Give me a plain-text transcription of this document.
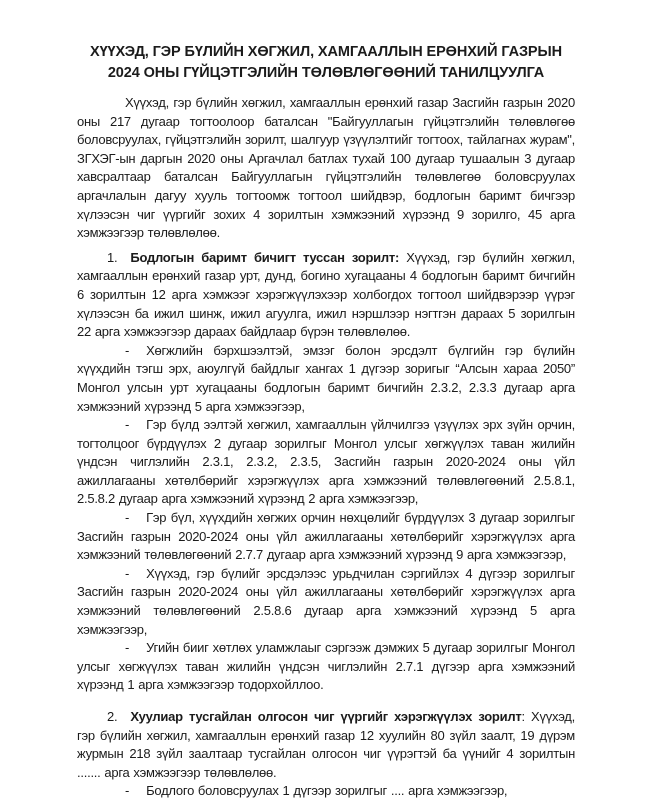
ХҮҮХЭД, ГЭР БҮЛИЙН ХӨГЖИЛ, ХАМГААЛЛЫН ЕРӨНХИЙ ГАЗРЫН
2024 ОНЫ ГҮЙЦЭТГЭЛИЙН ТӨЛӨВЛӨГӨӨНИЙ ТАНИЛЦУУЛГА

Хүүхэд, гэр бүлийн хөгжил, хамгааллын ерөнхий газар Засгийн газрын 2020 оны 217 дугаар тогтоолоор баталсан "Байгууллагын гүйцэтгэлийн төлөвлөгөө боловсруулах, гүйцэтгэлийн зорилт, шалгуур үзүүлэлтийг тогтоох, тайлагнах журам", ЗГХЭГ-ын даргын 2020 оны Аргачлал батлах тухай 100 дугаар тушаалын 3 дугаар хавсралтаар баталсан Байгууллагын гүйцэтгэлийн төлөвлөгөө боловсруулах аргачлалын дагуу хууль тогтоомж тогтоол шийдвэр, бодлогын баримт бичгээр хүлээсэн чиг үүргийг зохих 4 зорилтын хэмжээний хүрээнд 9 зорилго, 45 арга хэмжээгээр төлөвлөлөө.

1. Бодлогын баримт бичигт туссан зорилт: Хүүхэд, гэр бүлийн хөгжил, хамгааллын ерөнхий газар урт, дунд, богино хугацааны 4 бодлогын баримт бичгийн 6 зорилтын 12 арга хэмжээг хэрэгжүүлэхээр холбогдох тогтоол шийдвэрээр үүрэг хүлээсэн ба ижил шинж, ижил агуулга, ижил нэршлээр нэгтгэн дараах 5 зорилгын 22 арга хэмжээгээр дараах байдлаар бүрэн төлөвлөлөө.

- Хөгжлийн бэрхшээлтэй, эмзэг болон эрсдэлт бүлгийн гэр бүлийн хүүхдийн тэгш эрх, аюулгүй байдлыг хангах 1 дүгээр зоригыг “Алсын хараа 2050” Монгол улсын урт хугацааны бодлогын баримт бичгийн 2.3.2, 2.3.3 дугаар арга хэмжээний хүрээнд 5 арга хэмжээгээр,

- Гэр бүлд ээлтэй хөгжил, хамгааллын үйлчилгээ үзүүлэх эрх зүйн орчин, тогтолцоог бүрдүүлэх 2 дугаар зорилгыг Монгол улсыг хөгжүүлэх таван жилийн үндсэн чиглэлийн 2.3.1, 2.3.2, 2.3.5, Засгийн газрын 2020-2024 оны үйл ажиллагааны хөтөлбөрийг хэрэгжүүлэх арга хэмжээний төлөвлөгөөний 2.5.8.1, 2.5.8.2 дугаар арга хэмжээний хүрээнд 2 арга хэмжээгээр,

- Гэр бүл, хүүхдийн хөгжих орчин нөхцөлийг бүрдүүлэх 3 дугаар зорилгыг Засгийн газрын 2020-2024 оны үйл ажиллагааны хөтөлбөрийг хэрэгжүүлэх арга хэмжээний төлөвлөгөөний 2.7.7 дугаар арга хэмжээний хүрээнд 9 арга хэмжээгээр,

- Хүүхэд, гэр бүлийг эрсдэлээс урьдчилан сэргийлэх 4 дүгээр зорилгыг Засгийн газрын 2020-2024 оны үйл ажиллагааны хөтөлбөрийг хэрэгжүүлэх арга хэмжээний төлөвлөгөөний 2.5.8.6 дугаар арга хэмжээний хүрээнд 5 арга хэмжээгээр,

- Угийн бииг хөтлөх уламжлаыг сэргээж дэмжих 5 дугаар зорилгыг Монгол улсыг хөгжүүлэх таван жилийн үндсэн чиглэлийн 2.7.1 дүгээр арга хэмжээний хүрээнд 1 арга хэмжээгээр тодорхойллоо.

2. Хуулиар тусгайлан олгосон чиг үүргийг хэрэгжүүлэх зорилт: Хүүхэд, гэр бүлийн хөгжил, хамгааллын ерөнхий газар 12 хуулийн 80 зүйл заалт, 19 дүрэм журмын 218 зүйл заалтаар тусгайлан олгосон чиг үүрэгтэй ба үүнийг 4 зорилтын ....... арга хэмжээгээр төлөвлөлөө.

- Бодлого боловсруулах 1 дүгээр зорилгыг .... арга хэмжээгээр,
